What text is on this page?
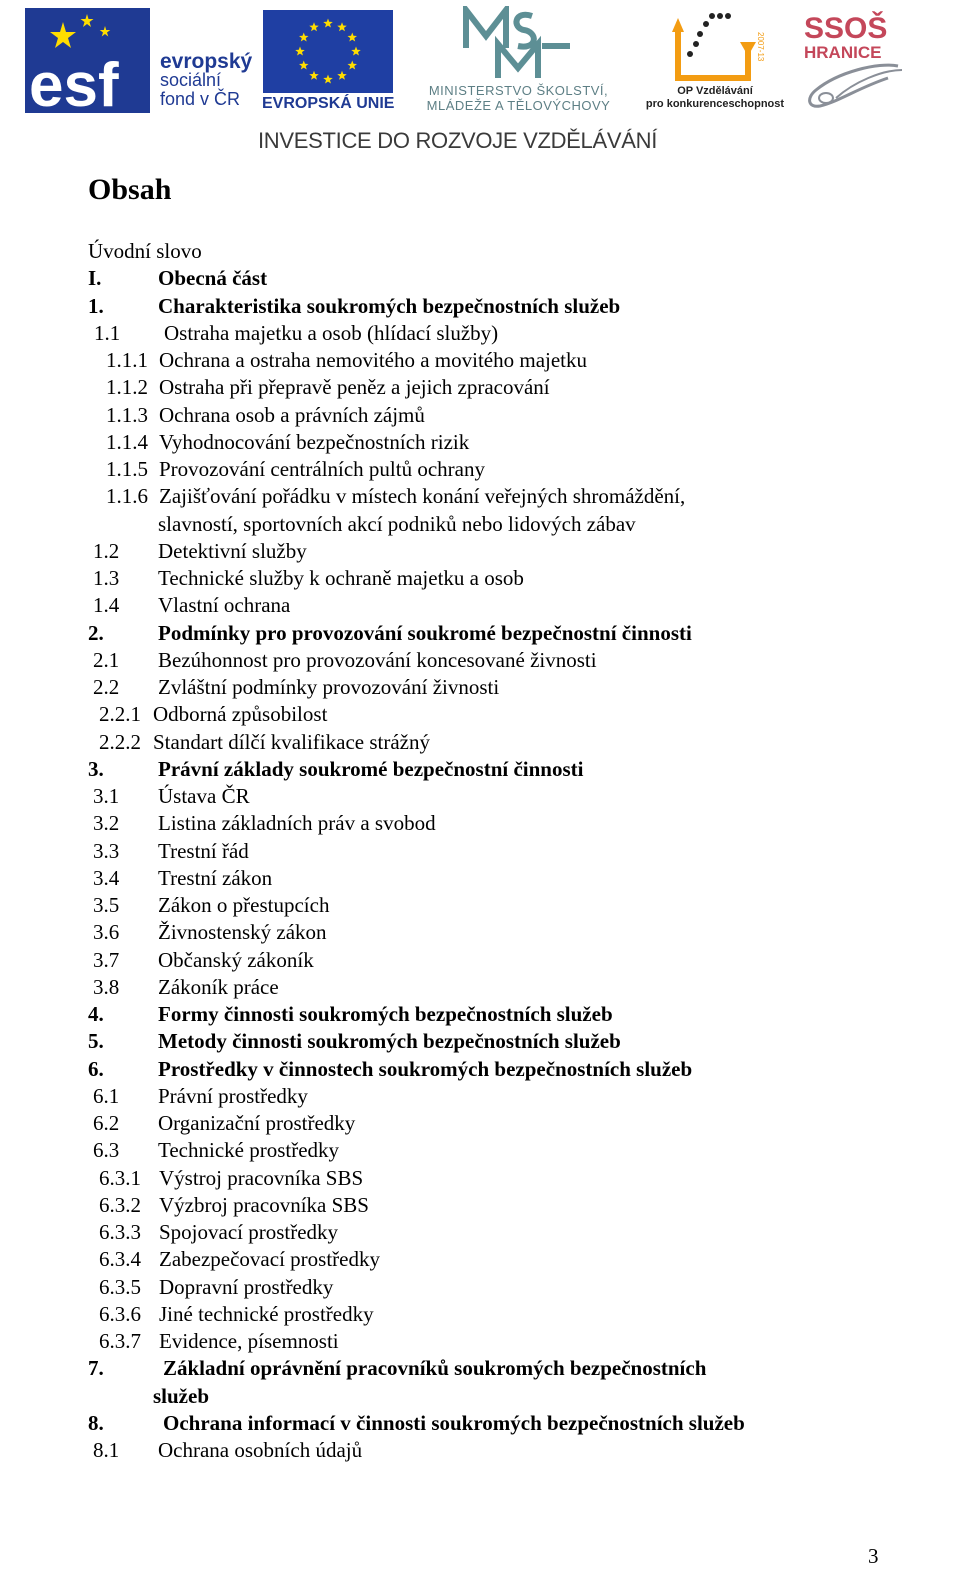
esf evropský
sociální
fond v ČR	EVROPSKÁ UNIE
MINISTERSTVO ŠKOLSTVÍ,
MLÁDEŽE A TĚLOVÝCHOVY
2007-13
OP Vzdělávání
pro konkurenceschopnost
SSOŠ
HRANICE
INVESTICE DO ROZVOJE VZDĚLÁVÁNÍ
Obsah
Úvodní slovo
I.	Obecná část
1.	Charakteristika soukromých bezpečnostních služeb
1.1 Ostraha majetku a osob (hlídací služby)
1.1.1 Ochrana a ostraha nemovitého a movitého majetku
1.1.2 Ostraha při přepravě peněz a jejich zpracování
1.1.3 Ochrana osob a právních zájmů
1.1.4 Vyhodnocování bezpečnostních rizik
1.1.5 Provozování centrálních pultů ochrany
1.1.6 Zajišťování pořádku v místech konání veřejných shromáždění,
slavností, sportovních akcí podniků nebo lidových zábav
1.2 Detektivní služby
1.3 Technické služby k ochraně majetku a osob
1.4 Vlastní ochrana
2.	Podmínky pro provozování soukromé bezpečnostní činnosti
2.1 Bezúhonnost pro provozování koncesované živnosti
2.2 Zvláštní podmínky provozování živnosti
2.2.1 Odborná způsobilost
2.2.2 Standart dílčí kvalifikace strážný
3.	Právní základy soukromé bezpečnostní činnosti
3.1 Ústava ČR
3.2 Listina základních práv a svobod
3.3 Trestní řád
3.4 Trestní zákon
3.5 Zákon o přestupcích
3.6 Živnostenský zákon
3.7 Občanský zákoník
3.8 Zákoník práce
4.	Formy činnosti soukromých bezpečnostních služeb
5.	Metody činnosti soukromých bezpečnostních služeb
6.	Prostředky v činnostech soukromých bezpečnostních služeb
6.1 Právní prostředky
6.2 Organizační prostředky
6.3 Technické prostředky
6.3.1 Výstroj pracovníka SBS
6.3.2 Výzbroj pracovníka SBS
6.3.3 Spojovací prostředky
6.3.4 Zabezpečovací prostředky
6.3.5 Dopravní prostředky
6.3.6 Jiné technické prostředky
6.3.7 Evidence, písemnosti
7.	Základní oprávnění pracovníků soukromých bezpečnostních
služeb
8.	Ochrana informací v činnosti soukromých bezpečnostních služeb
8.1 Ochrana osobních údajů
3
